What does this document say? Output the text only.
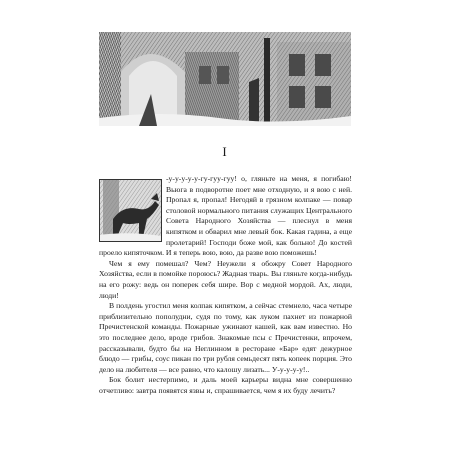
I

-у-у-у-у-у-гу-гуу-гуу! о, гляньте на меня, я погибаю! Вьюга в подворотне поет мне отходную, и я вою с ней. Пропал я, пропал! Негодяй в грязном колпаке — повар столовой нормального питания служащих Центрального Совета Народного Хозяйства — плеснул в меня кипятком и обварил мне левый бок. Какая гадина, а еще пролетарий! Господи боже мой, как больно! До костей проело кипяточком. И я теперь вою, вою, да разве вою поможешь!

Чем я ему помешал? Чем? Неужели я обожру Совет Народного Хозяйства, если в помойке пороюсь? Жадная тварь. Вы гляньте когда-нибудь на его рожу: ведь он поперек себя шире. Вор с медной мордой. Ах, люди, люди!

В полдень угостил меня колпак кипятком, а сейчас стемнело, часа четыре приблизительно пополудни, судя по тому, как луком пахнет из пожарной Пречистенской команды. Пожарные ужинают кашей, как вам известно. Но это последнее дело, вроде грибов. Знакомые псы с Пречистенки, впрочем, рассказывали, будто бы на Неглинном в ресторане «Бар» едят дежурное блюдо — грибы, соус пикан по три рубля семьдесят пять копеек порция. Это дело на любителя — все равно, что калошу лизать... У-у-у-у-у!..

Бок болит нестерпимо, и даль моей карьеры видна мне совершенно отчетливо: завтра появятся язвы и, спрашивается, чем я их буду лечить?
